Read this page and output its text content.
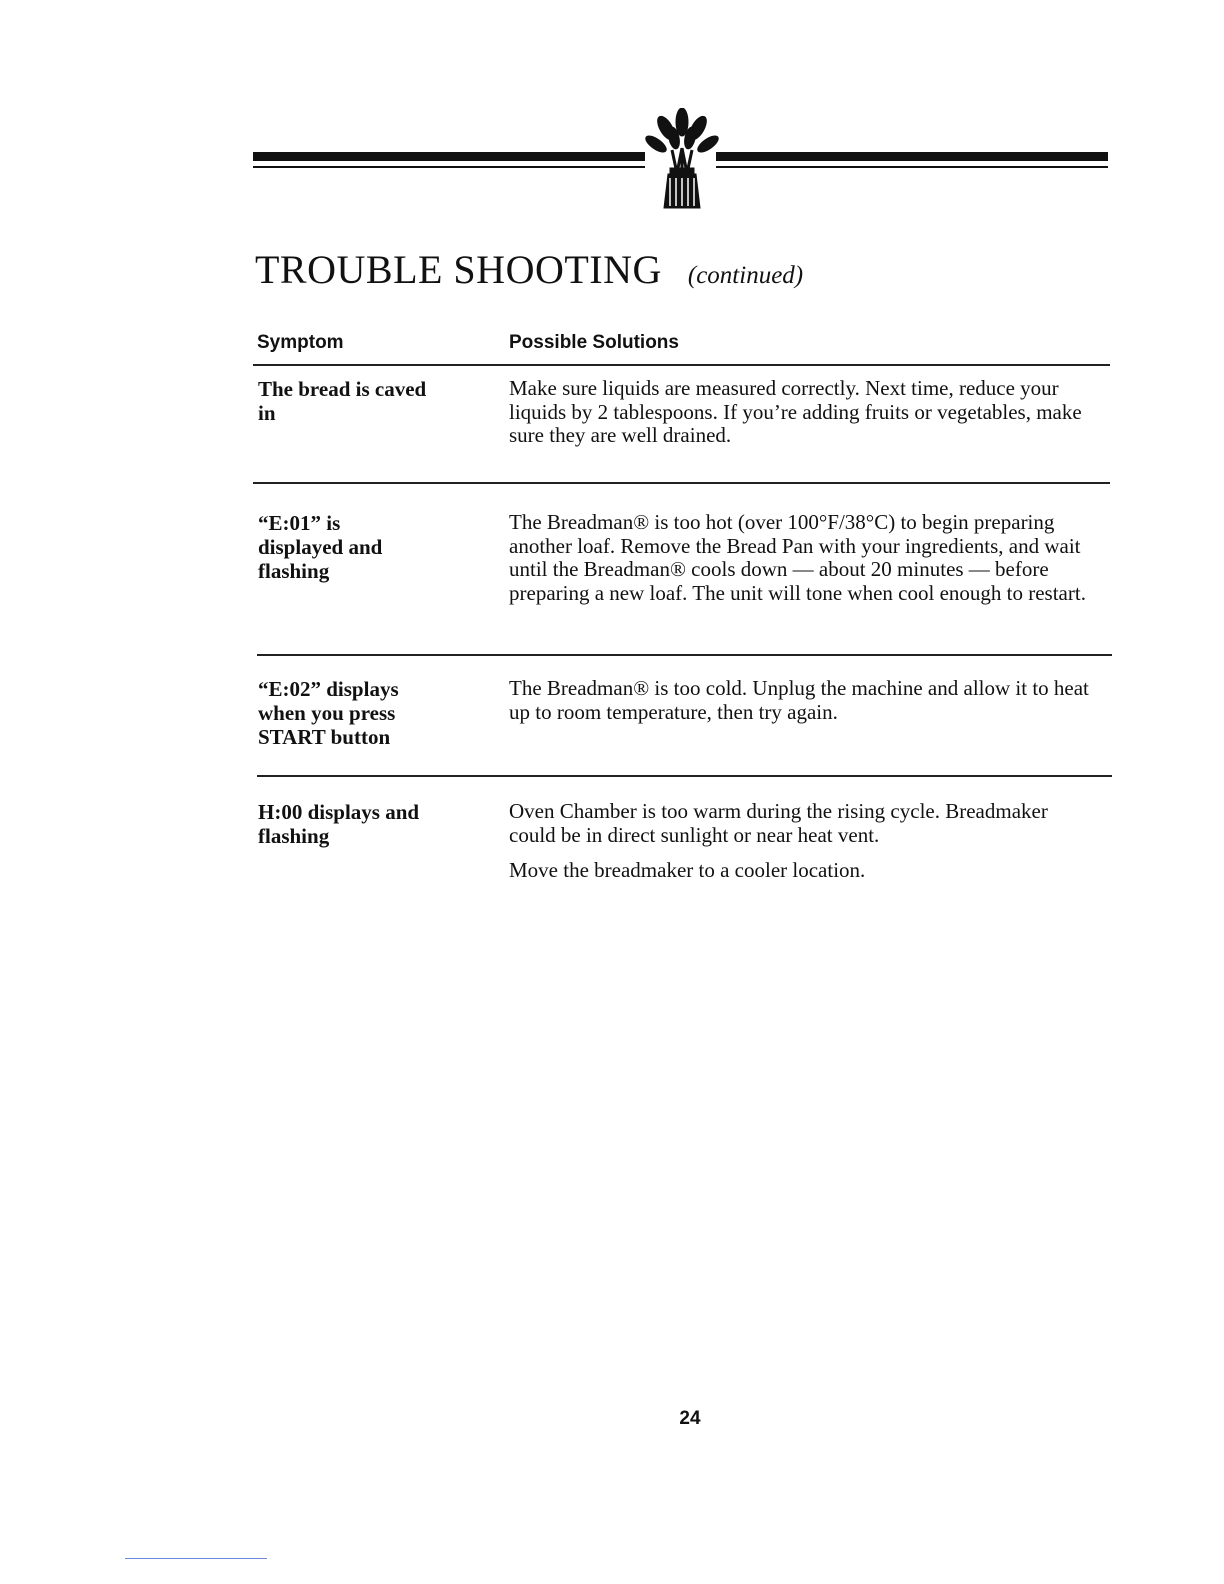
TROUBLE SHOOTING (continued)
Symptom	Possible Solutions
The bread is caved in

Make sure liquids are measured correctly. Next time, reduce your liquids by 2 tablespoons. If you’re adding fruits or vegetables, make sure they are well drained.

“E:01” is displayed and flashing

The Breadman® is too hot (over 100°F/38°C) to begin preparing another loaf. Remove the Bread Pan with your ingredients, and wait until the Breadman® cools down — about 20 minutes — before preparing a new loaf. The unit will tone when cool enough to restart.

“E:02” displays when you press START button

The Breadman® is too cold. Unplug the machine and allow it to heat up to room temperature, then try again.

H:00 displays and flashing

Oven Chamber is too warm during the rising cycle. Breadmaker could be in direct sunlight or near heat vent.

Move the breadmaker to a cooler location.

24
